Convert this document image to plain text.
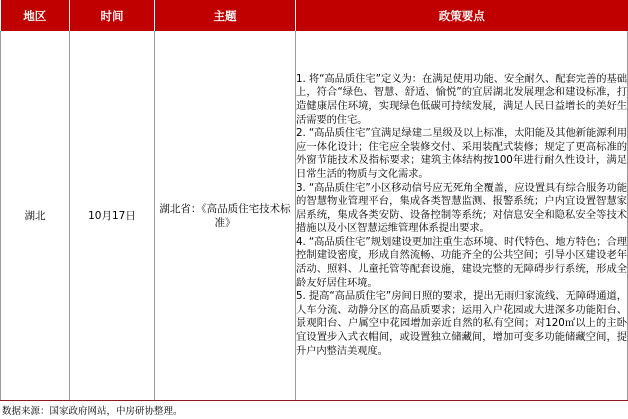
地区	时间	主题	政策要点
湖北	10月17日	湖北省：《高品质住宅技术标准》	1. 将“高品质住宅”定义为：在满足使用功能、安全耐久、配套完善的基础上，符合“绿色、智慧、舒适、愉悦”的宜居湖北发展理念和建设标准，打造健康居住环境，实现绿色低碳可持续发展，满足人民日益增长的美好生活需要的住宅。
2. “高品质住宅”宜满足绿建二星级及以上标准，太阳能及其他新能源利用应一体化设计；住宅应全装修交付、采用装配式装修；规定了更高标准的外窗节能技术及指标要求；建筑主体结构按100年进行耐久性设计，满足日常生活的物质与文化需求。
3. “高品质住宅”小区移动信号应无死角全覆盖，应设置具有综合服务功能的智慧物业管理平台，集成各类智慧监测、报警系统；户内宜设置智慧家居系统，集成各类安防、设备控制等系统；对信息安全和隐私安全等技术措施以及小区智慧运维管理体系提出要求。
4. “高品质住宅”规划建设更加注重生态环境、时代特色、地方特色；合理控制建设密度，形成自然流畅、功能齐全的公共空间；引导小区建设老年活动、照料、儿童托管等配套设施，建设完整的无障碍步行系统，形成全龄友好居住环境。
5. 提高“高品质住宅”房间日照的要求，提出无雨归家流线、无障碍通道，人车分流、动静分区的高品质要求；运用入户花园或大进深多功能阳台、景观阳台、户属空中花园增加亲近自然的私有空间；对120㎡以上的主卧宜设置步入式衣帽间，或设置独立储藏间，增加可变多功能储藏空间，提升户内整洁美观度。
数据来源：国家政府网站，中房研协整理。
